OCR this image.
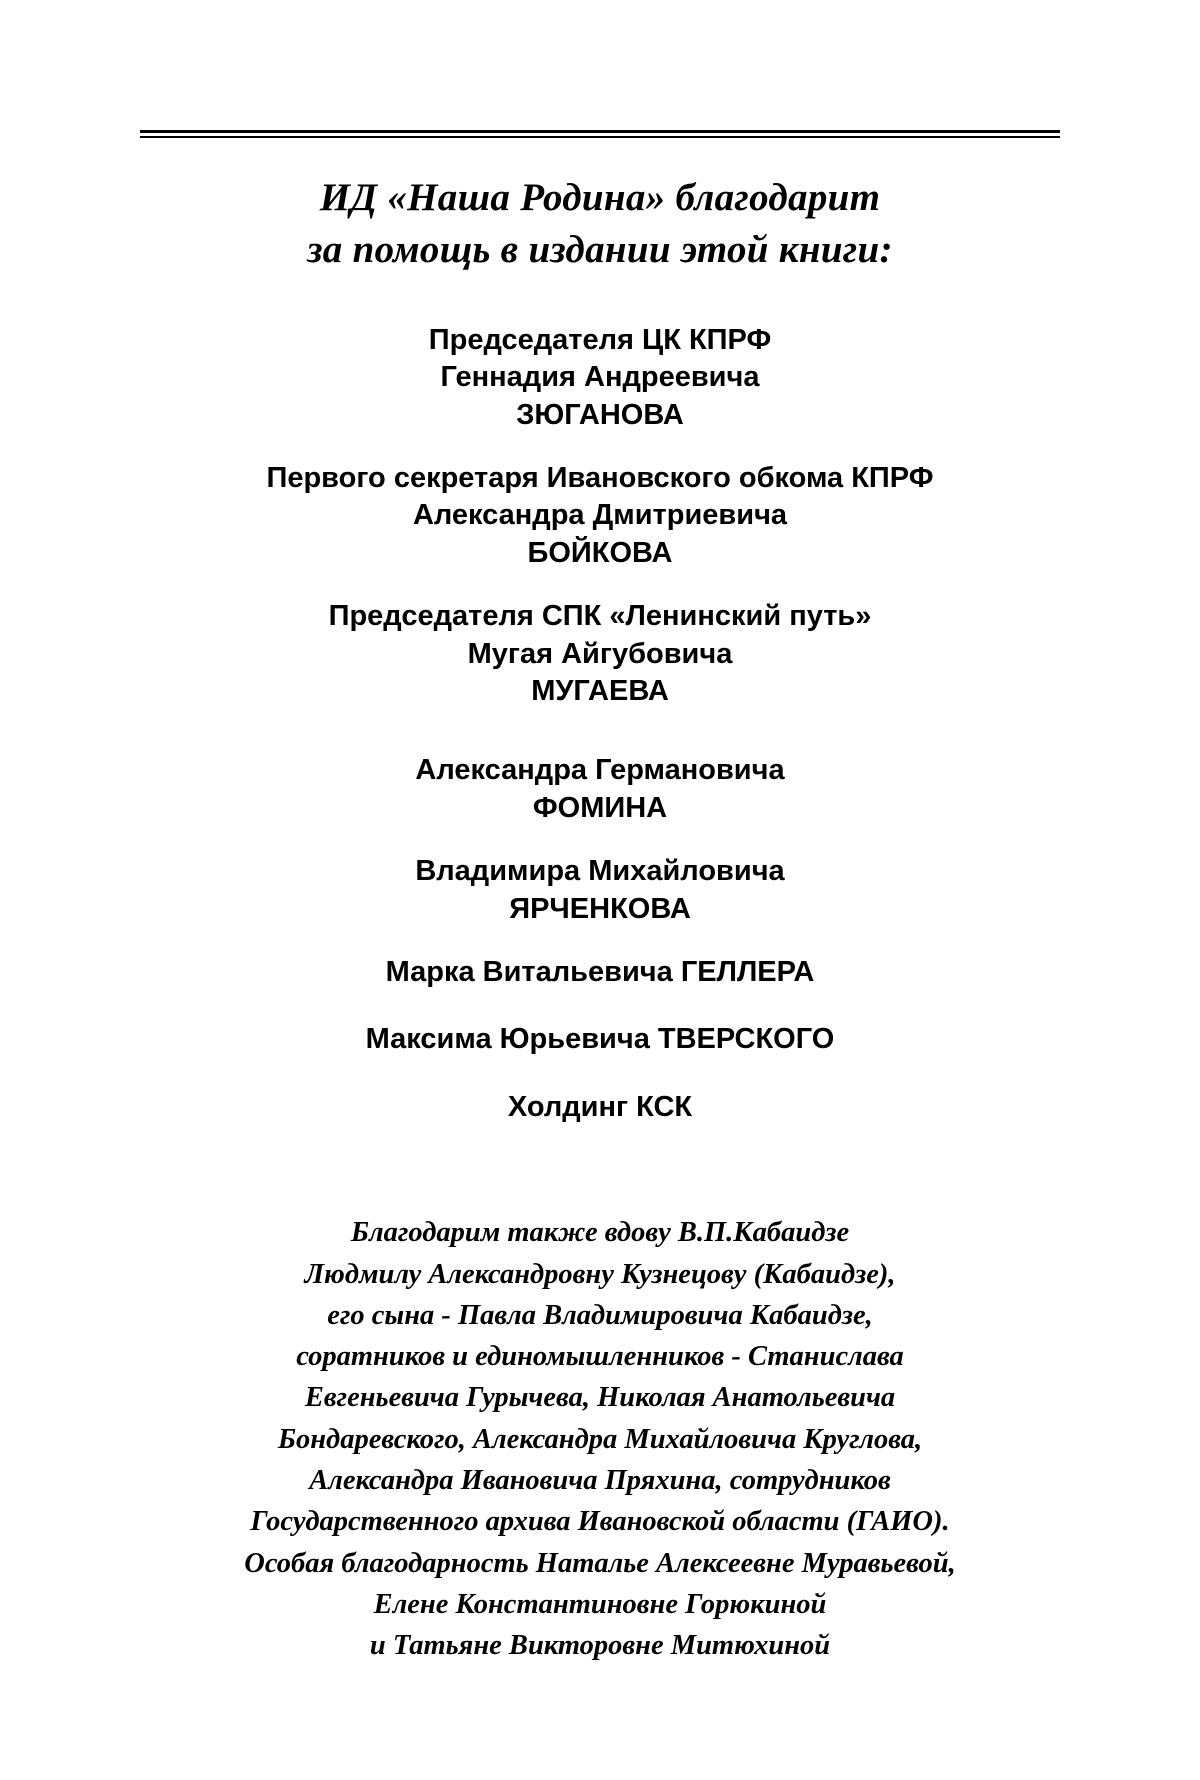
ИД «Наша Родина» благодарит
за помощь в издании этой книги:
Председателя ЦК КПРФ
Геннадия Андреевича
ЗЮГАНОВА
Первого секретаря Ивановского обкома КПРФ
Александра Дмитриевича
БОЙКОВА
Председателя СПК «Ленинский путь»
Мугая Айгубовича
МУГАЕВА
Александра Германовича
ФОМИНА
Владимира Михайловича
ЯРЧЕНКОВА
Марка Витальевича ГЕЛЛЕРА
Максима Юрьевича ТВЕРСКОГО
Холдинг КСК
Благодарим также вдову В.П.Кабаидзе
Людмилу Александровну Кузнецову (Кабаидзе),
его сына - Павла Владимировича Кабаидзе,
соратников и единомышленников - Станислава
Евгеньевича Гурычева, Николая Анатольевича
Бондаревского, Александра Михайловича Круглова,
Александра Ивановича Пряхина, сотрудников
Государственного архива Ивановской области (ГАИО).
Особая благодарность Наталье Алексеевне Муравьевой,
Елене Константиновне Горюкиной
и Татьяне Викторовне Митюхиной
